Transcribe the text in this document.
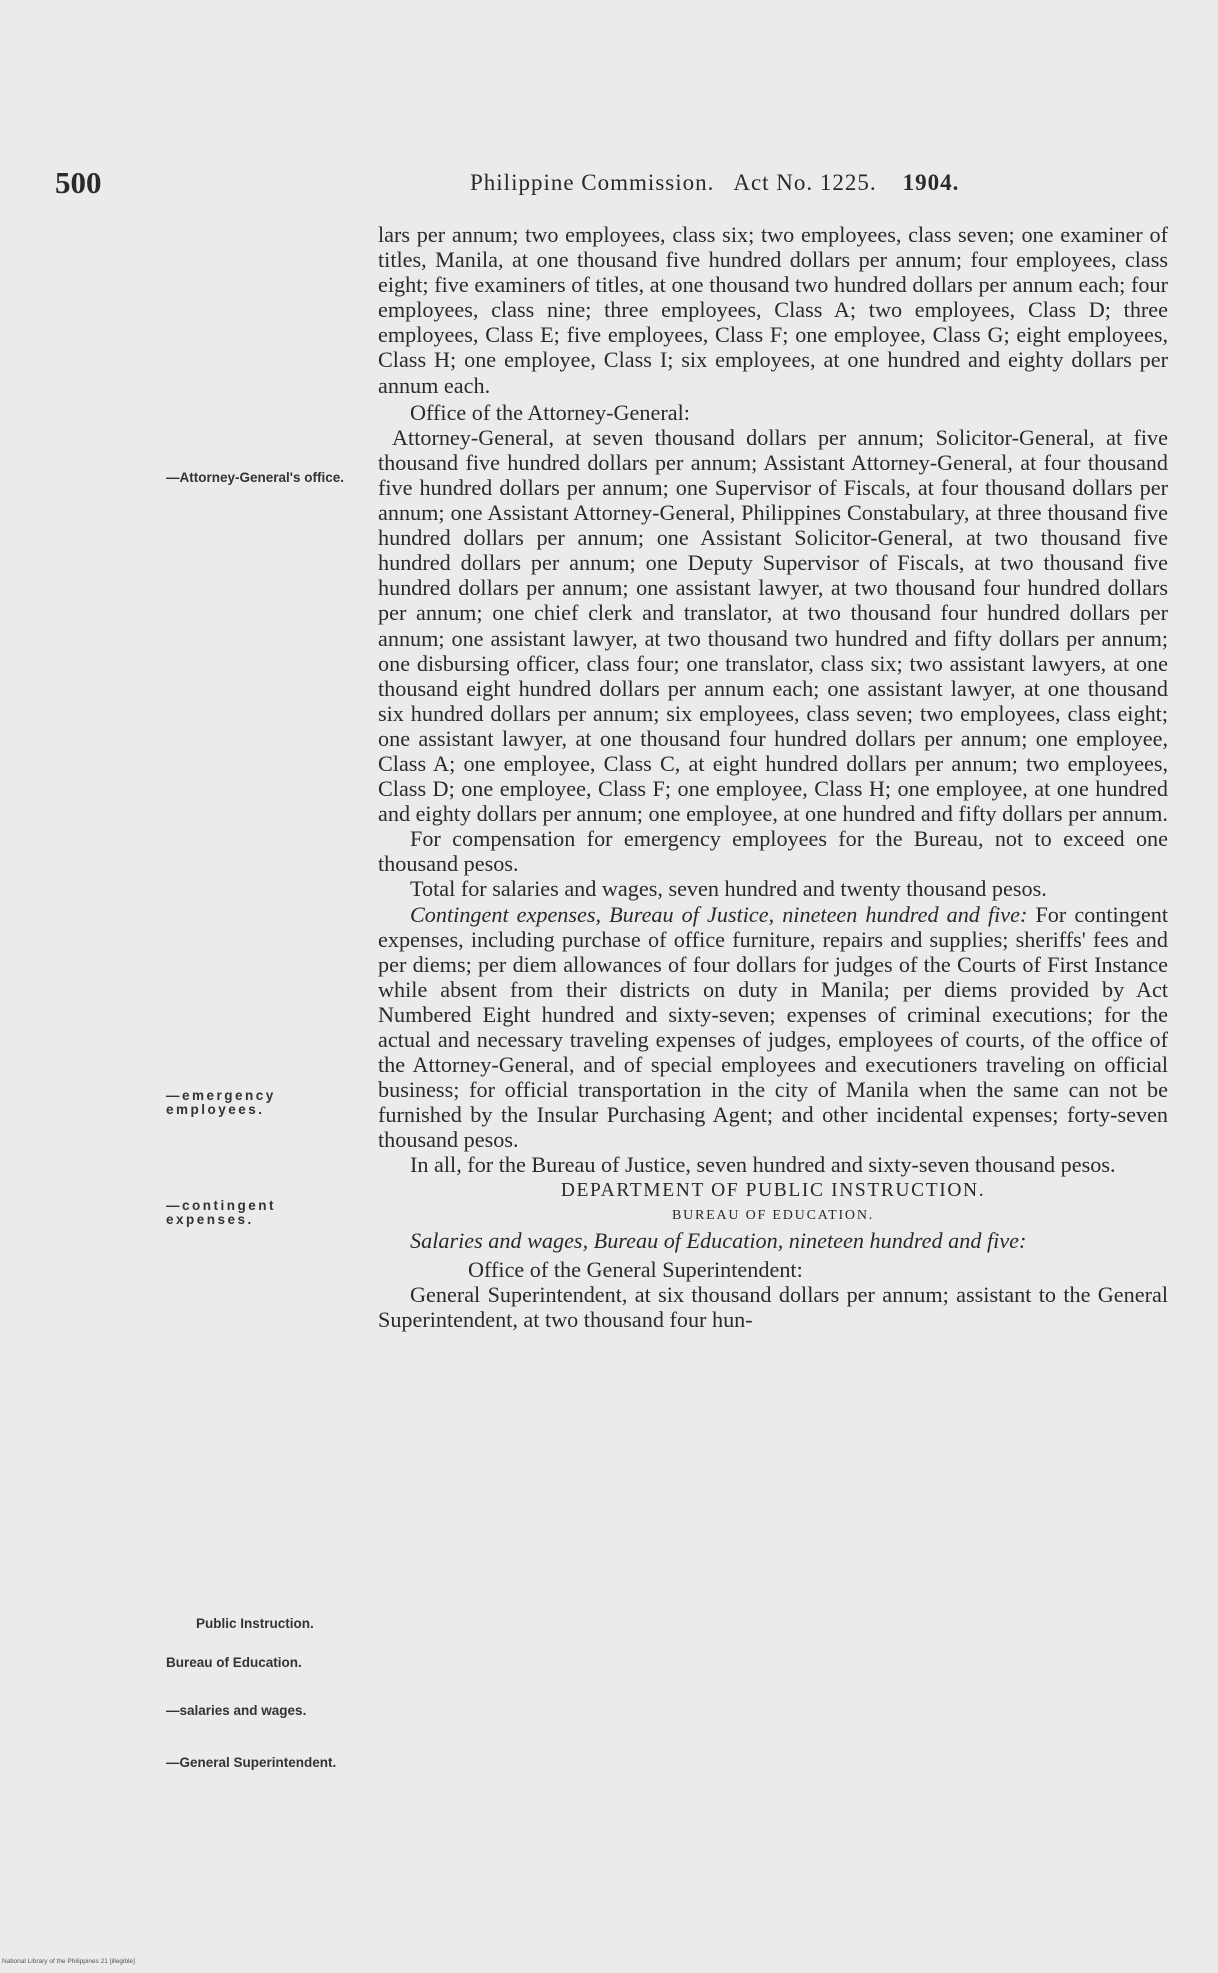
500	Philippine Commission.   Act No. 1225. 1904.
—Attorney-General's office.
—emergency employees.
—contingent expenses.
Public Instruction.
Bureau of Education.
—salaries and wages.
—General Superintendent.

lars per annum; two employees, class six; two employees, class seven; one examiner of titles, Manila, at one thousand five hundred dollars per annum; four employees, class eight; five examiners of titles, at one thousand two hundred dollars per annum each; four employees, class nine; three employees, Class A; two employees, Class D; three employees, Class E; five employees, Class F; one employee, Class G; eight employees, Class H; one employee, Class I; six employees, at one hundred and eighty dollars per annum each.

Office of the Attorney-General:

Attorney-General, at seven thousand dollars per annum; Solicitor-General, at five thousand five hundred dollars per annum; Assistant Attorney-General, at four thousand five hundred dollars per annum; one Supervisor of Fiscals, at four thousand dollars per annum; one Assistant Attorney-General, Philippines Constabulary, at three thousand five hundred dollars per annum; one Assistant Solicitor-General, at two thousand five hundred dollars per annum; one Deputy Supervisor of Fiscals, at two thousand five hundred dollars per annum; one assistant lawyer, at two thousand four hundred dollars per annum; one chief clerk and translator, at two thousand four hundred dollars per annum; one assistant lawyer, at two thousand two hundred and fifty dollars per annum; one disbursing officer, class four; one translator, class six; two assistant lawyers, at one thousand eight hundred dollars per annum each; one assistant lawyer, at one thousand six hundred dollars per annum; six employees, class seven; two employees, class eight; one assistant lawyer, at one thousand four hundred dollars per annum; one employee, Class A; one employee, Class C, at eight hundred dollars per annum; two employees, Class D; one employee, Class F; one employee, Class H; one employee, at one hundred and eighty dollars per annum; one employee, at one hundred and fifty dollars per annum.

For compensation for emergency employees for the Bureau, not to exceed one thousand pesos.

Total for salaries and wages, seven hundred and twenty thousand pesos.

Contingent expenses, Bureau of Justice, nineteen hundred and five: For contingent expenses, including purchase of office furniture, repairs and supplies; sheriffs' fees and per diems; per diem allowances of four dollars for judges of the Courts of First Instance while absent from their districts on duty in Manila; per diems provided by Act Numbered Eight hundred and sixty-seven; expenses of criminal executions; for the actual and necessary traveling expenses of judges, employees of courts, of the office of the Attorney-General, and of special employees and executioners traveling on official business; for official transportation in the city of Manila when the same can not be furnished by the Insular Purchasing Agent; and other incidental expenses; forty-seven thousand pesos.

In all, for the Bureau of Justice, seven hundred and sixty-seven thousand pesos.

DEPARTMENT OF PUBLIC INSTRUCTION.

BUREAU OF EDUCATION.

Salaries and wages, Bureau of Education, nineteen hundred and five:

Office of the General Superintendent:

General Superintendent, at six thousand dollars per annum; assistant to the General Superintendent, at two thousand four hun-

National Library of the Philippines 21 [illegible]
